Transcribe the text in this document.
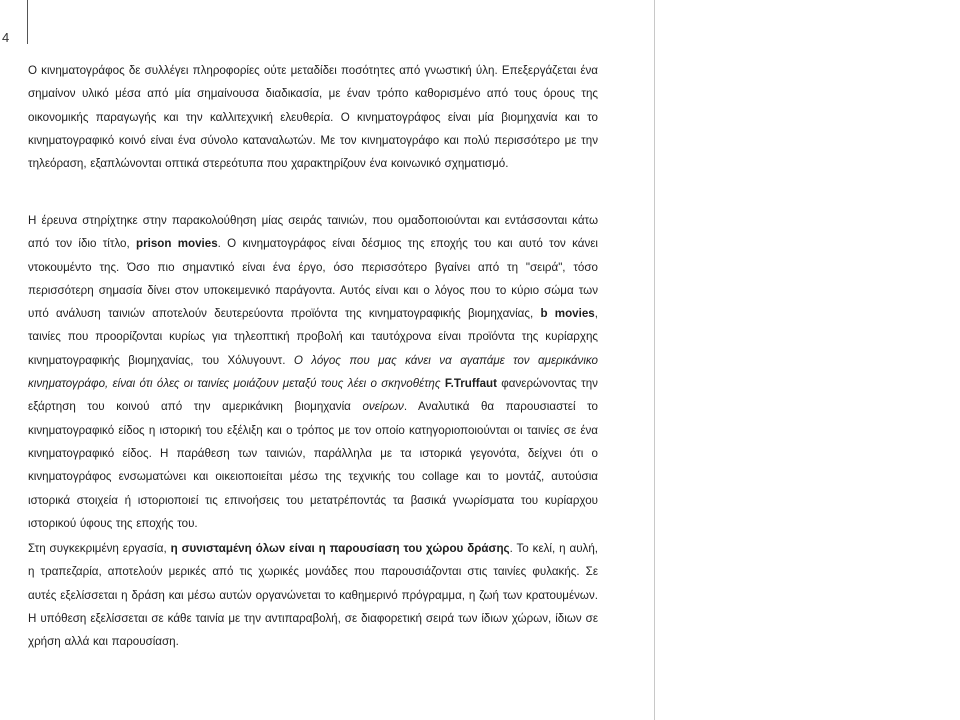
4

Ο κινηματογράφος δε συλλέγει πληροφορίες ούτε μεταδίδει ποσότητες από γνωστική ύλη. Επεξεργάζεται ένα σημαίνον υλικό μέσα από μία σημαίνουσα διαδικασία, με έναν τρόπο καθορισμένο από τους όρους της οικονομικής παραγωγής και την καλλιτεχνική ελευθερία. Ο κινηματογράφος είναι μία βιομηχανία και το κινηματογραφικό κοινό είναι ένα σύνολο καταναλωτών. Με τον κινηματογράφο και πολύ περισσότερο με την τηλεόραση, εξαπλώνονται οπτικά στερεότυπα που χαρακτηρίζουν ένα κοινωνικό σχηματισμό.

Η έρευνα στηρίχτηκε στην παρακολούθηση μίας σειράς ταινιών, που ομαδοποιούνται και εντάσσονται κάτω από τον ίδιο τίτλο, prison movies. Ο κινηματογράφος είναι δέσμιος της εποχής του και αυτό τον κάνει ντοκουμέντο της. Όσο πιο σημαντικό είναι ένα έργο, όσο περισσότερο βγαίνει από τη "σειρά", τόσο περισσότερη σημασία δίνει στον υποκειμενικό παράγοντα. Αυτός είναι και ο λόγος που το κύριο σώμα των υπό ανάλυση ταινιών αποτελούν δευτερεύοντα προϊόντα της κινηματογραφικής βιομηχανίας, b movies, ταινίες που προορίζονται κυρίως για τηλεοπτική προβολή και ταυτόχρονα είναι προϊόντα της κυρίαρχης κινηματογραφικής βιομηχανίας, του Χόλυγουντ. Ο λόγος που μας κάνει να αγαπάμε τον αμερικάνικο κινηματογράφο, είναι ότι όλες οι ταινίες μοιάζουν μεταξύ τους λέει ο σκηνοθέτης F.Truffaut φανερώνοντας την εξάρτηση του κοινού από την αμερικάνικη βιομηχανία ονείρων. Αναλυτικά θα παρουσιαστεί το κινηματογραφικό είδος η ιστορική του εξέλιξη και ο τρόπος με τον οποίο κατηγοριοποιούνται οι ταινίες σε ένα κινηματογραφικό είδος. Η παράθεση των ταινιών, παράλληλα με τα ιστορικά γεγονότα, δείχνει ότι ο κινηματογράφος ενσωματώνει και οικειοποιείται μέσω της τεχνικής του collage και το μοντάζ, αυτούσια ιστορικά στοιχεία ή ιστοριοποιεί τις επινοήσεις του μετατρέποντάς τα βασικά γνωρίσματα του κυρίαρχου ιστορικού ύφους της εποχής του.

Στη συγκεκριμένη εργασία, η συνισταμένη όλων είναι η παρουσίαση του χώρου δράσης. Το κελί, η αυλή, η τραπεζαρία, αποτελούν μερικές από τις χωρικές μονάδες που παρουσιάζονται στις ταινίες φυλακής. Σε αυτές εξελίσσεται η δράση και μέσω αυτών οργανώνεται το καθημερινό πρόγραμμα, η ζωή των κρατουμένων. Η υπόθεση εξελίσσεται σε κάθε ταινία με την αντιπαραβολή, σε διαφορετική σειρά των ίδιων χώρων, ίδιων σε χρήση αλλά και παρουσίαση.
